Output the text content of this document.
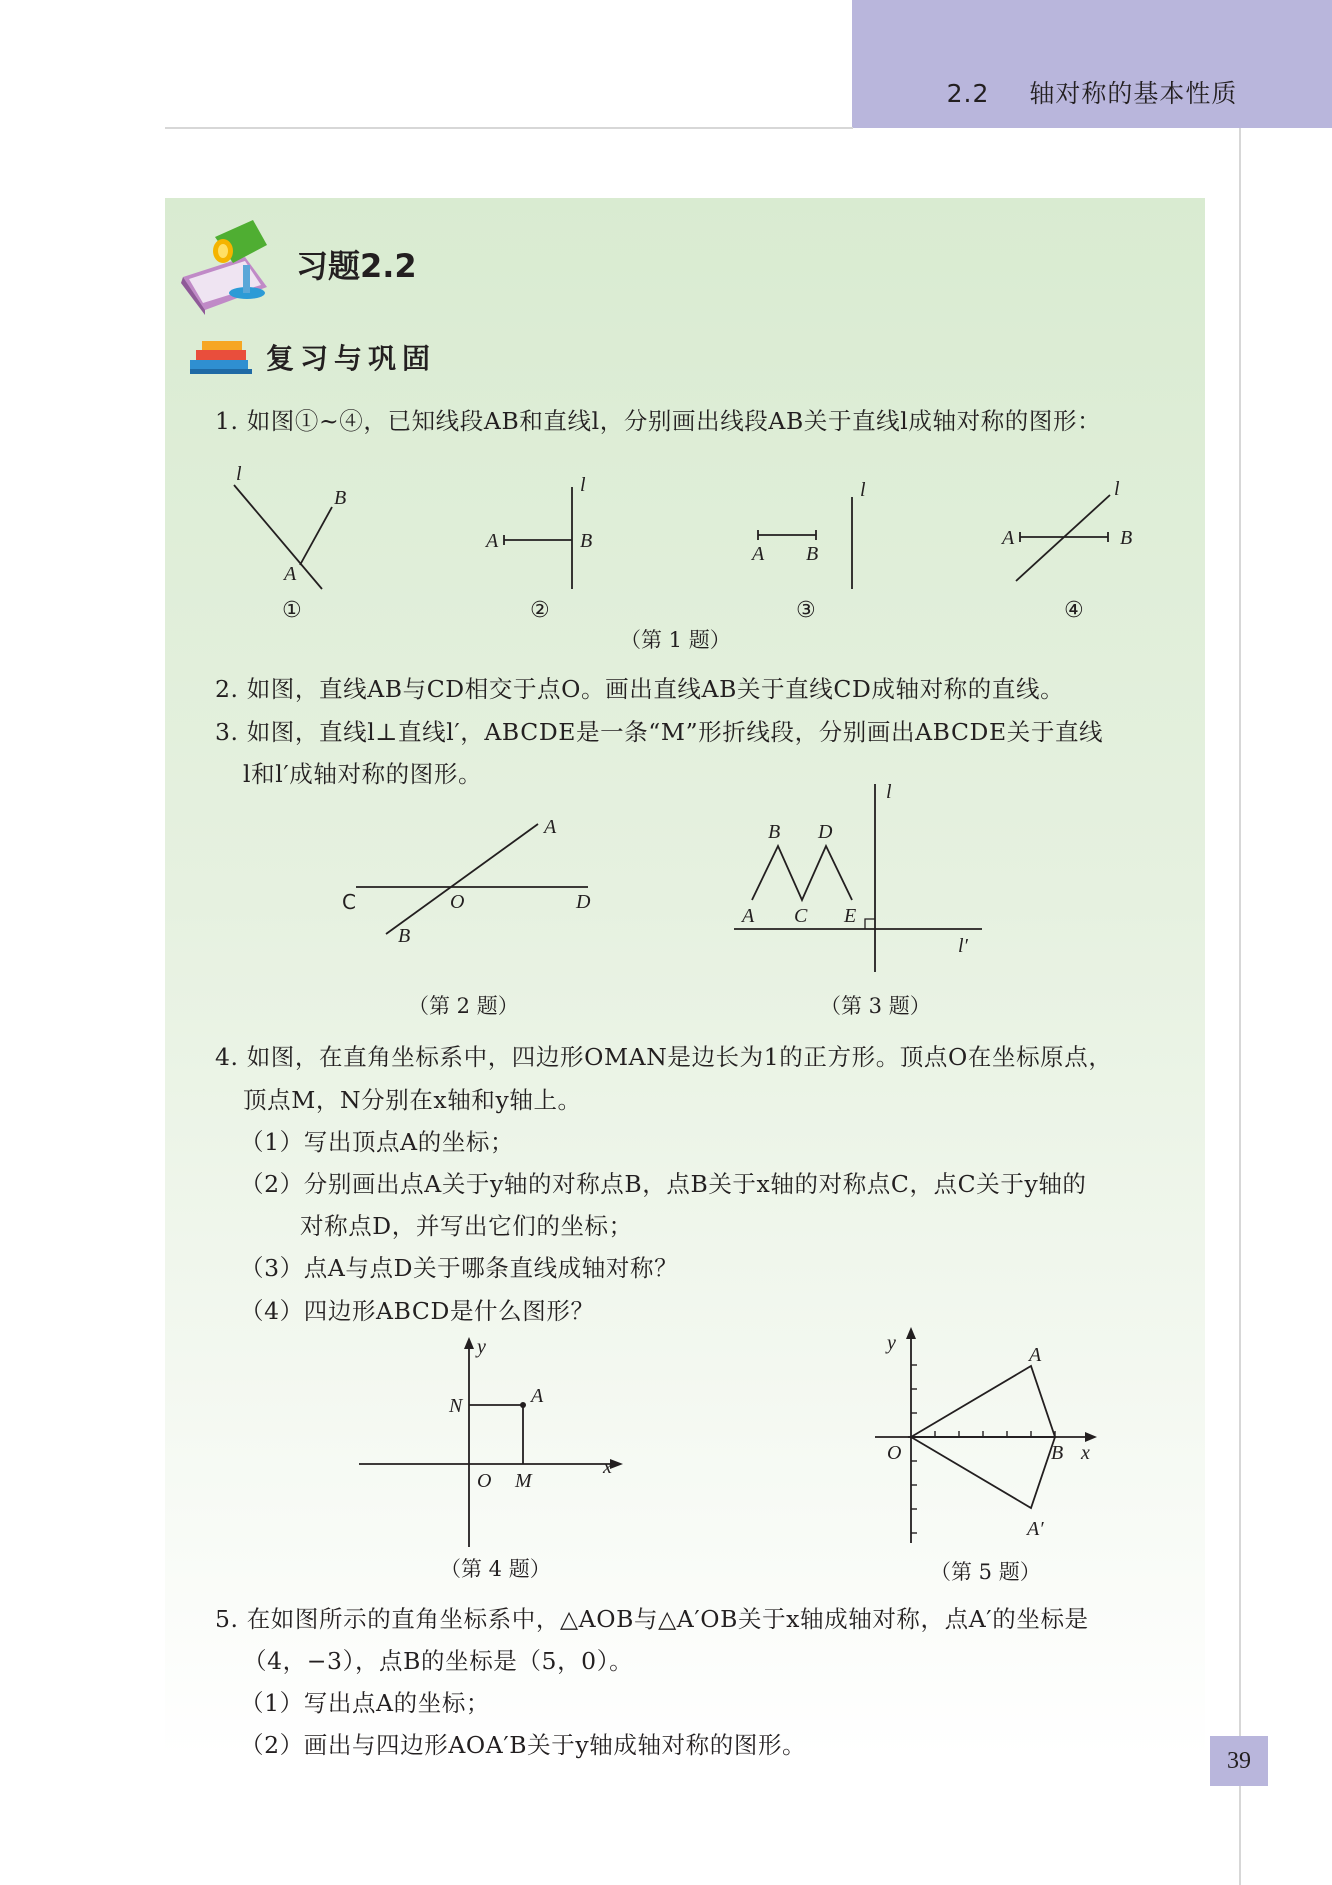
2.2 轴对称的基本性质
习题2.2
复习与巩固
1. 如图①~④，已知线段AB和直线l，分别画出线段AB关于直线l成轴对称的图形：
l
B
A
①
l
A	B
②
l
A B
③
l
A	B
④
（第 1 题）
2. 如图，直线AB与CD相交于点O。画出直线AB关于直线CD成轴对称的直线。
3. 如图，直线l⊥直线l′，ABCDE是一条“M”形折线段，分别画出ABCDE关于直线
l和l′成轴对称的图形。
A
C	O	D
B
（第 2 题）
l
B D
A C E
l′
（第 3 题）
4. 如图，在直角坐标系中，四边形OMAN是边长为1的正方形。顶点O在坐标原点，
顶点M，N分别在x轴和y轴上。
（1）写出顶点A的坐标；
（2）分别画出点A关于y轴的对称点B，点B关于x轴的对称点C，点C关于y轴的
对称点D，并写出它们的坐标；
（3）点A与点D关于哪条直线成轴对称？
（4）四边形ABCD是什么图形？
y
N	A
O M
x
（第 4 题）
y
A
O	B x
A′
（第 5 题）
5. 在如图所示的直角坐标系中，△AOB与△A′OB关于x轴成轴对称，点A′的坐标是
（4，−3），点B的坐标是（5，0）。
（1）写出点A的坐标；
（2）画出与四边形AOA′B关于y轴成轴对称的图形。
39
